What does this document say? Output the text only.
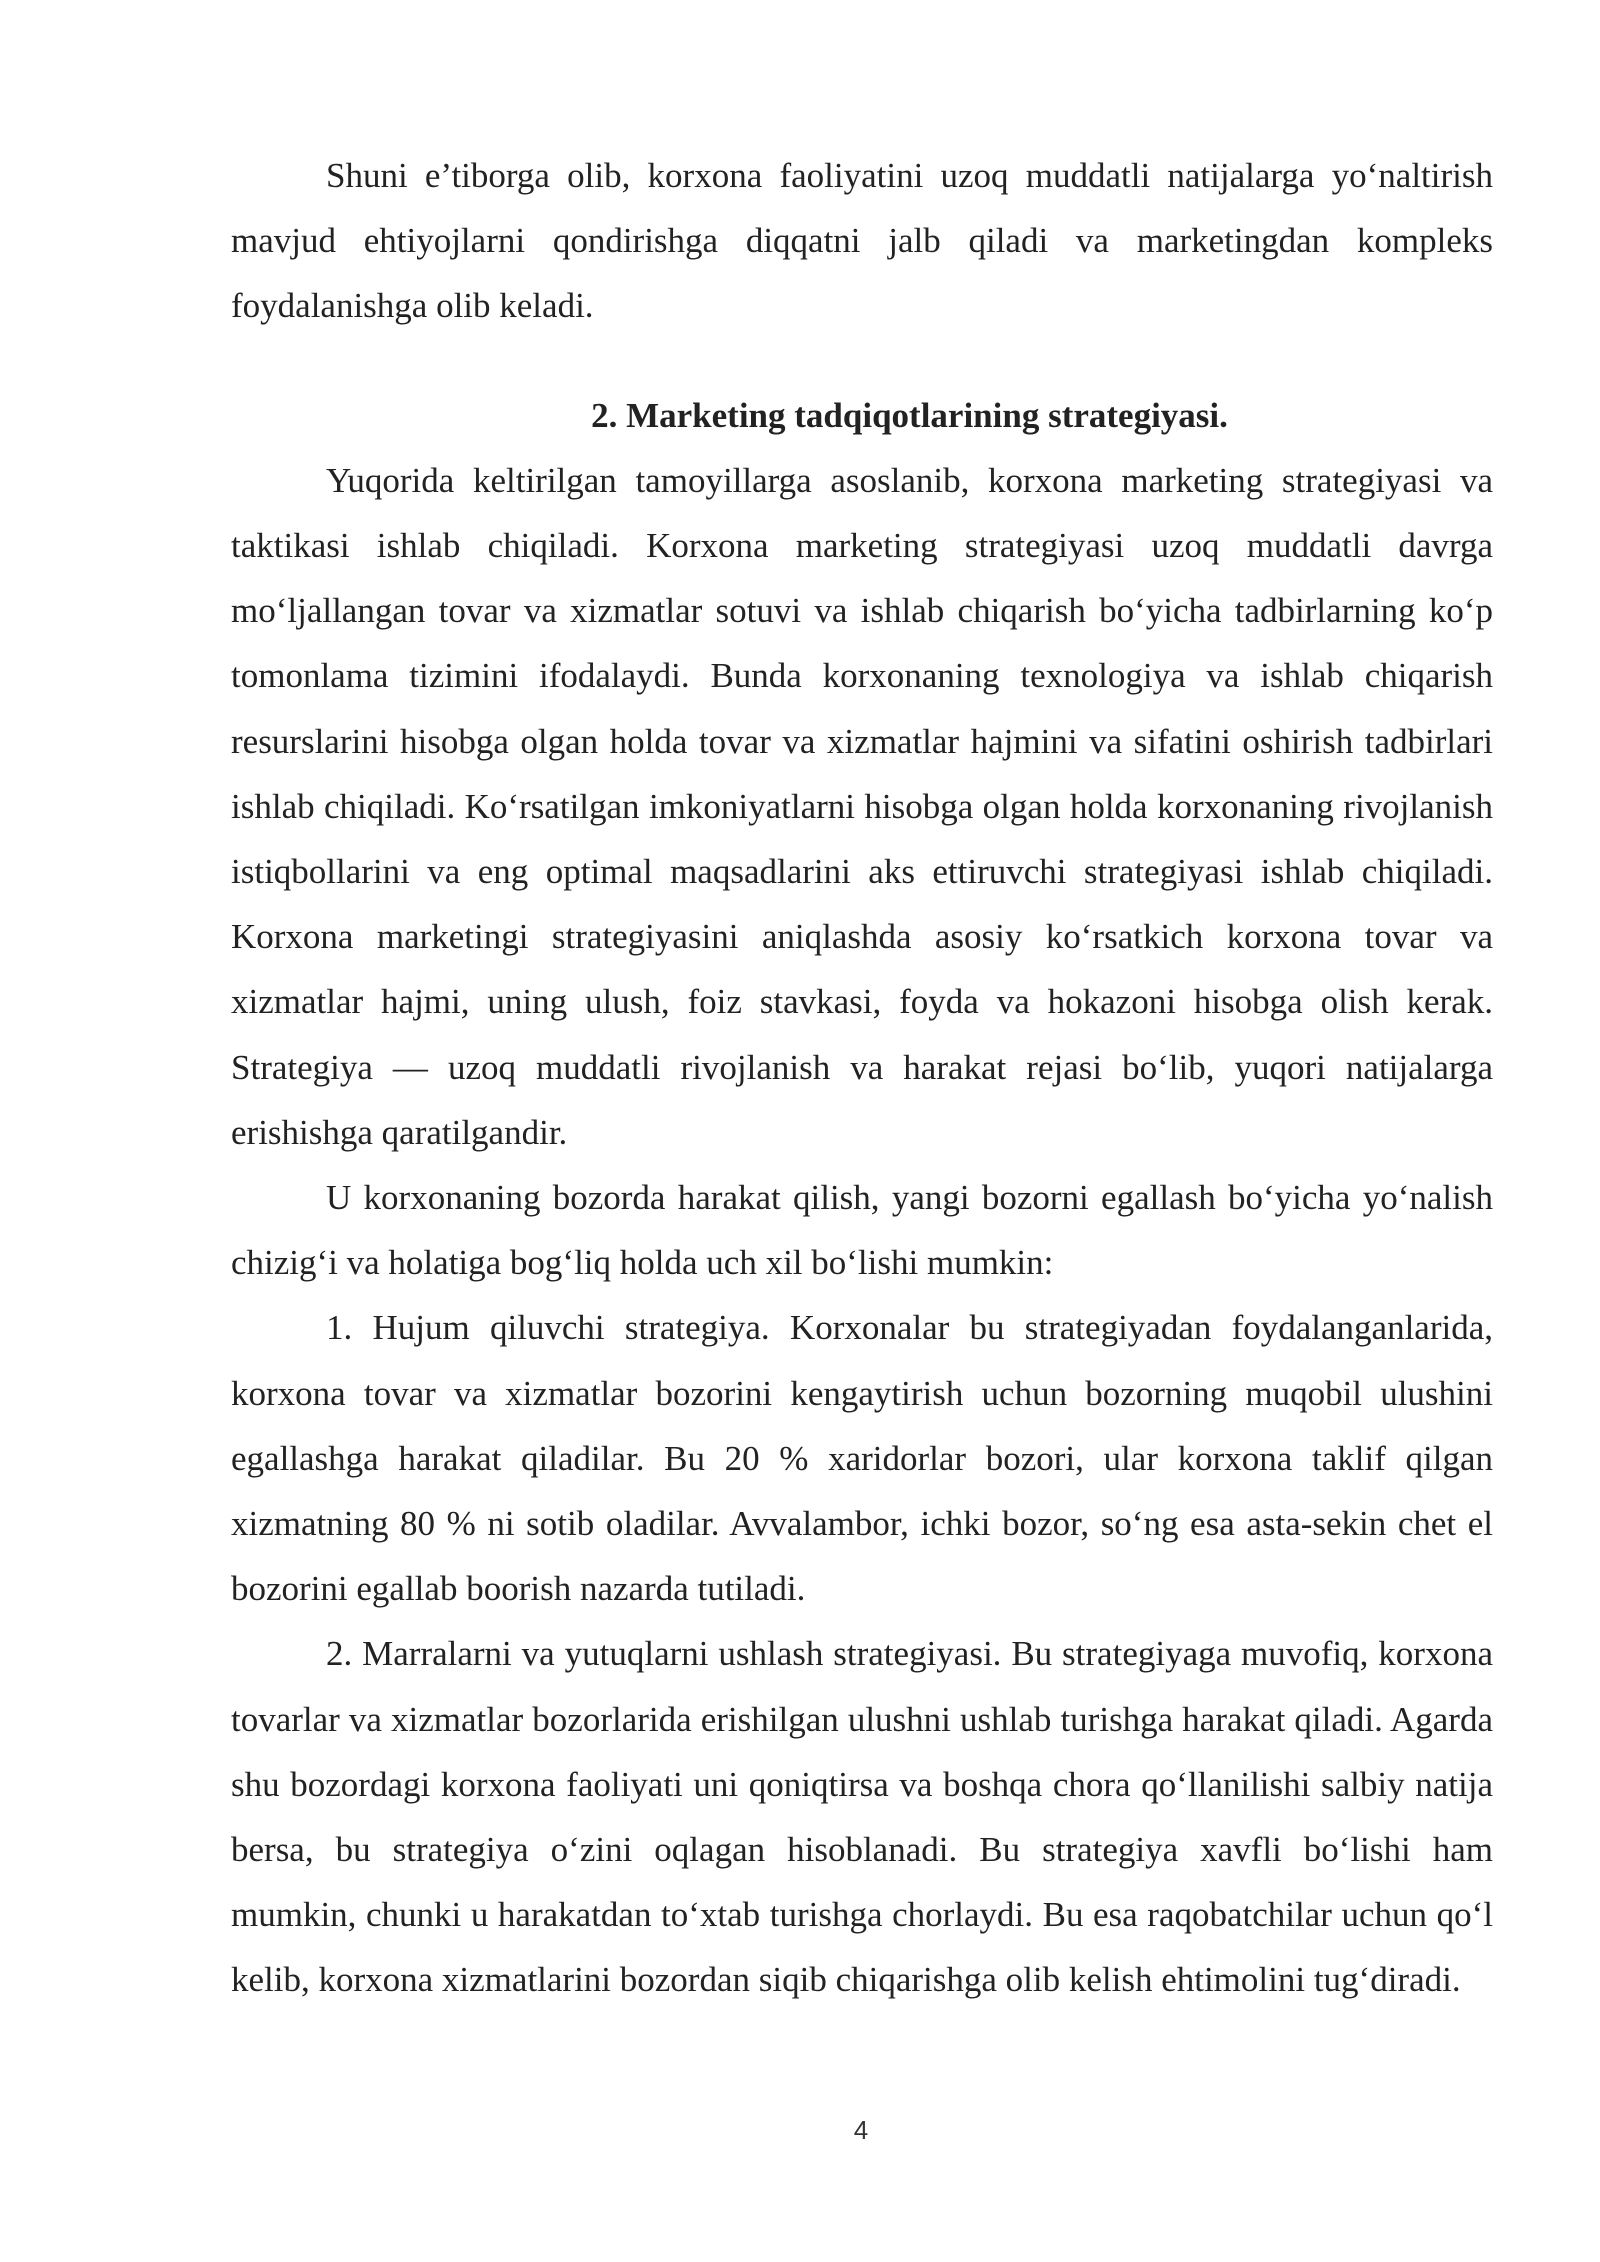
Shuni e’tiborga olib, korxona faoliyatini uzoq muddatli natijalarga yo‘naltirish mavjud ehtiyojlarni qondirishga diqqatni jalb qiladi va marketingdan kompleks foydalanishga olib keladi.

2. Marketing tadqiqotlarining strategiyasi.

Yuqorida keltirilgan tamoyillarga asoslanib, korxona marketing strategiyasi va taktikasi ishlab chiqiladi. Korxona marketing strategiyasi uzoq muddatli davrga mo‘ljallangan tovar va xizmatlar sotuvi va ishlab chiqarish bo‘yicha tadbirlarning ko‘p tomonlama tizimini ifodalaydi. Bunda korxonaning texnologiya va ishlab chiqarish resurslarini hisobga olgan holda tovar va xizmatlar hajmini va sifatini oshirish tadbirlari ishlab chiqiladi. Ko‘rsatilgan imkoniyatlarni hisobga olgan holda korxonaning rivojlanish istiqbollarini va eng optimal maqsadlarini aks ettiruvchi strategiyasi ishlab chiqiladi. Korxona marketingi strategiyasini aniqlashda asosiy ko‘rsatkich korxona tovar va xizmatlar hajmi, uning ulush, foiz stavkasi, foyda va hokazoni hisobga olish kerak. Strategiya — uzoq muddatli rivojlanish va harakat rejasi bo‘lib, yuqori natijalarga erishishga qaratilgandir.

U korxonaning bozorda harakat qilish, yangi bozorni egallash bo‘yicha yo‘nalish chizig‘i va holatiga bog‘liq holda uch xil bo‘lishi mumkin:

1. Hujum qiluvchi strategiya. Korxonalar bu strategiyadan foydalanganlarida, korxona tovar va xizmatlar bozorini kengaytirish uchun bozorning muqobil ulushini egallashga harakat qiladilar. Bu 20 % xaridorlar bozori, ular korxona taklif qilgan xizmatning 80 % ni sotib oladilar. Avvalambor, ichki bozor, so‘ng esa asta-sekin chet el bozorini egallab boorish nazarda tutiladi.

2. Marralarni va yutuqlarni ushlash strategiyasi. Bu strategiyaga muvofiq, korxona tovarlar va xizmatlar bozorlarida erishilgan ulushni ushlab turishga harakat qiladi. Agarda shu bozordagi korxona faoliyati uni qoniqtirsa va boshqa chora qo‘llanilishi salbiy natija bersa, bu strategiya o‘zini oqlagan hisoblanadi. Bu strategiya xavfli bo‘lishi ham mumkin, chunki u harakatdan to‘xtab turishga chorlaydi. Bu esa raqobatchilar uchun qo‘l kelib, korxona xizmatlarini bozordan siqib chiqarishga olib kelish ehtimolini tug‘diradi.

4
